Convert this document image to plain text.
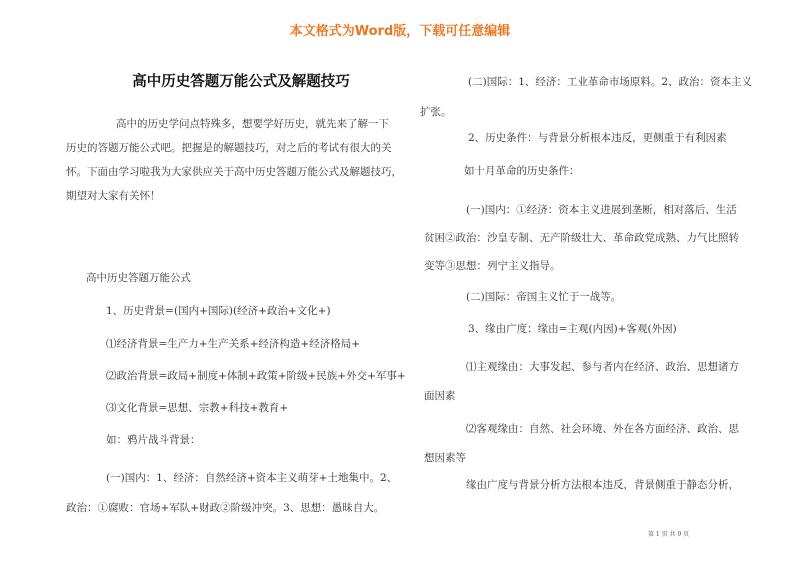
本文格式为Word版，下载可任意编辑
高中历史答题万能公式及解题技巧

高中的历史学问点特殊多，想要学好历史，就先来了解一下
历史的答题万能公式吧。把握是的解题技巧，对之后的考试有很大的关
怀。下面由学习啦我为大家供应关于高中历史答题万能公式及解题技巧，
期望对大家有关怀！

高中历史答题万能公式

1、历史背景=(国内+国际)(经济+政治+文化+)

⑴经济背景=生产力+生产关系+经济构造+经济格局+

⑵政治背景=政局+制度+体制+政策+阶级+民族+外交+军事+

⑶文化背景=思想、宗教+科技+教育+

如：鸦片战斗背景：

(一)国内：1、经济：自然经济+资本主义萌芽+土地集中。2、
政治：①腐败：官场+军队+财政②阶级冲突。3、思想：愚昧自大。

(二)国际：1、经济：工业革命市场原料。2、政治：资本主义
扩张。

2、历史条件：与背景分析根本违反，更侧重于有利因素

如十月革命的历史条件：

(一)国内：①经济：资本主义进展到垄断，相对落后、生活
贫困②政治：沙皇专制、无产阶级壮大、革命政党成熟、力气比照转
变等③思想：列宁主义指导。

(二)国际：帝国主义忙于一战等。

3、缘由广度：缘由=主观(内因)+客观(外因)

⑴主观缘由：大事发起、参与者内在经济、政治、思想诸方
面因素

⑵客观缘由：自然、社会环境、外在各方面经济、政治、思
想因素等

缘由广度与背景分析方法根本违反，背景侧重于静态分析，

第 1 页 共 9 页
